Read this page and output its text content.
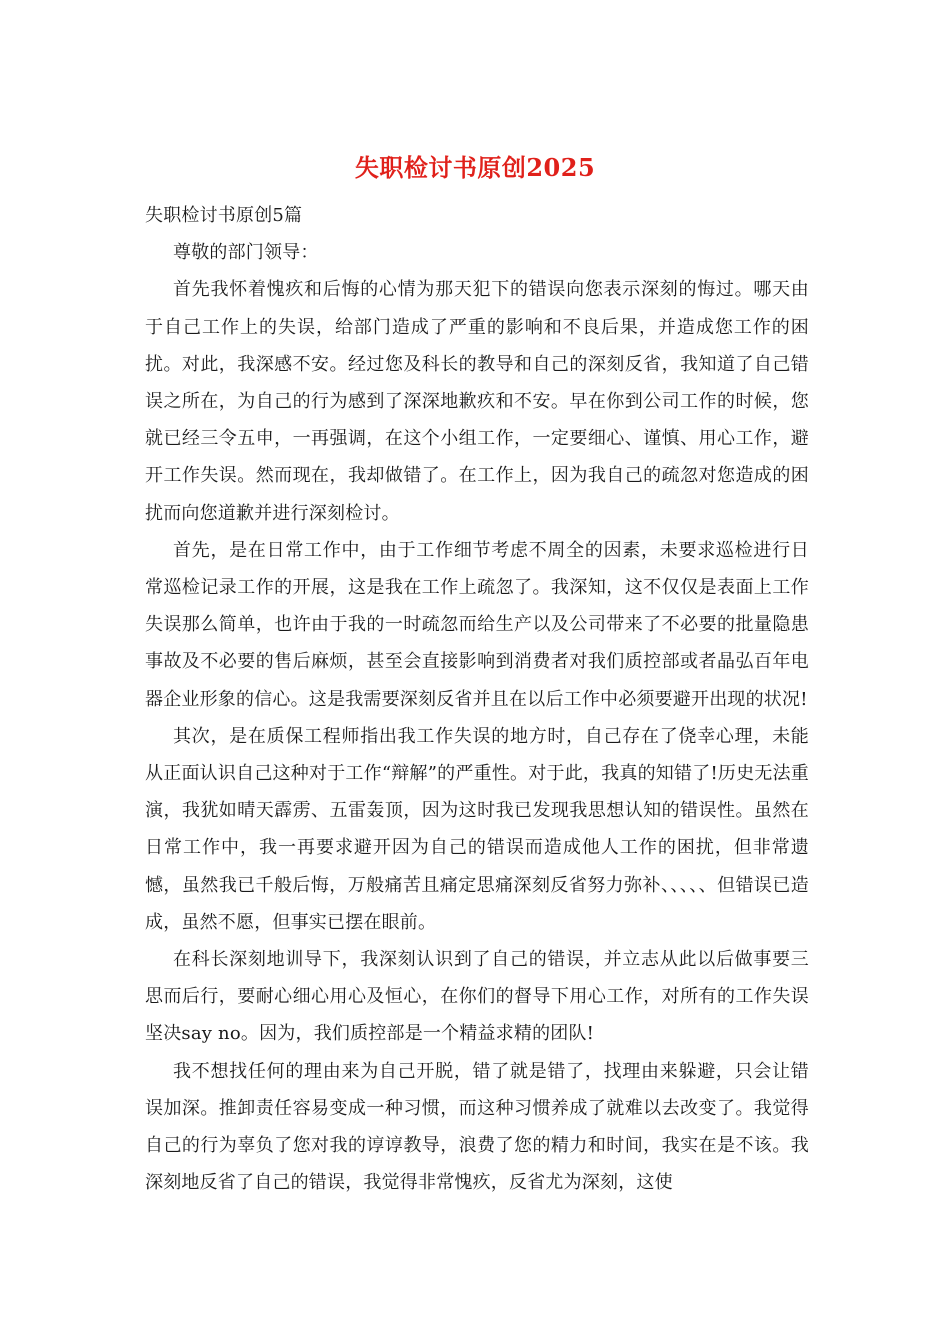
失职检讨书原创2025

失职检讨书原创5篇

尊敬的部门领导：

首先我怀着愧疚和后悔的心情为那天犯下的错误向您表示深刻的悔过。哪天由于自己工作上的失误，给部门造成了严重的影响和不良后果，并造成您工作的困扰。对此，我深感不安。经过您及科长的教导和自己的深刻反省，我知道了自己错误之所在，为自己的行为感到了深深地歉疚和不安。早在你到公司工作的时候，您就已经三令五申，一再强调，在这个小组工作，一定要细心、谨慎、用心工作，避开工作失误。然而现在，我却做错了。在工作上，因为我自己的疏忽对您造成的困扰而向您道歉并进行深刻检讨。

首先，是在日常工作中，由于工作细节考虑不周全的因素，未要求巡检进行日常巡检记录工作的开展，这是我在工作上疏忽了。我深知，这不仅仅是表面上工作失误那么简单，也许由于我的一时疏忽而给生产以及公司带来了不必要的批量隐患事故及不必要的售后麻烦，甚至会直接影响到消费者对我们质控部或者晶弘百年电器企业形象的信心。这是我需要深刻反省并且在以后工作中必须要避开出现的状况!

其次，是在质保工程师指出我工作失误的地方时，自己存在了侥幸心理，未能从正面认识自己这种对于工作“辩解”的严重性。对于此，我真的知错了!历史无法重演，我犹如晴天霹雳、五雷轰顶，因为这时我已发现我思想认知的错误性。虽然在日常工作中，我一再要求避开因为自己的错误而造成他人工作的困扰，但非常遗憾，虽然我已千般后悔，万般痛苦且痛定思痛深刻反省努力弥补、、、、、但错误已造成，虽然不愿，但事实已摆在眼前。

在科长深刻地训导下，我深刻认识到了自己的错误，并立志从此以后做事要三思而后行，要耐心细心用心及恒心，在你们的督导下用心工作，对所有的工作失误坚决say no。因为，我们质控部是一个精益求精的团队!

我不想找任何的理由来为自己开脱，错了就是错了，找理由来躲避，只会让错误加深。推卸责任容易变成一种习惯，而这种习惯养成了就难以去改变了。我觉得自己的行为辜负了您对我的谆谆教导，浪费了您的精力和时间，我实在是不该。我深刻地反省了自己的错误，我觉得非常愧疚，反省尤为深刻，这使
